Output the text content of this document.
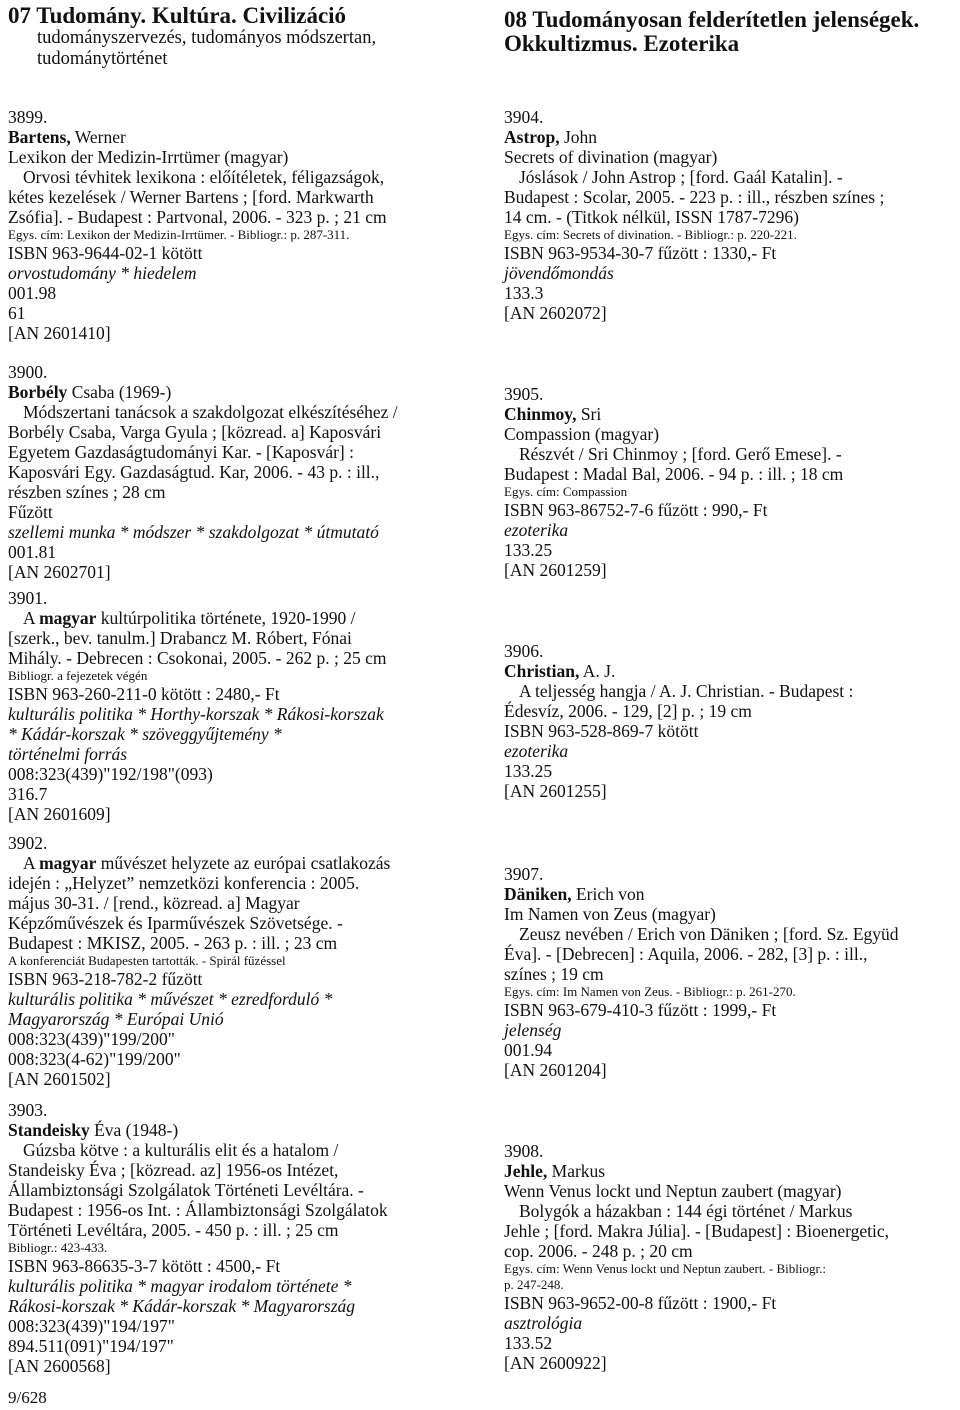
07 Tudomány. Kultúra. Civilizáció
tudományszervezés, tudományos módszertan,
tudománytörténet
08 Tudományosan felderítetlen jelenségek.
Okkultizmus. Ezoterika
3899.
Bartens, Werner
Lexikon der Medizin-Irrtümer (magyar)
Orvosi tévhitek lexikona : előítéletek, féligazságok,
kétes kezelések / Werner Bartens ; [ford. Markwarth
Zsófia]. - Budapest : Partvonal, 2006. - 323 p. ; 21 cm
Egys. cím: Lexikon der Medizin-Irrtümer. - Bibliogr.: p. 287-311.
ISBN 963-9644-02-1 kötött
orvostudomány * hiedelem
001.98
61
[AN 2601410]
3900.
Borbély Csaba (1969-)
Módszertani tanácsok a szakdolgozat elkészítéséhez /
Borbély Csaba, Varga Gyula ; [közread. a] Kaposvári
Egyetem Gazdaságtudományi Kar. - [Kaposvár] :
Kaposvári Egy. Gazdaságtud. Kar, 2006. - 43 p. : ill.,
részben színes ; 28 cm
Fűzött
szellemi munka * módszer * szakdolgozat * útmutató
001.81
[AN 2602701]
3901.
A magyar kultúrpolitika története, 1920-1990 /
[szerk., bev. tanulm.] Drabancz M. Róbert, Fónai
Mihály. - Debrecen : Csokonai, 2005. - 262 p. ; 25 cm
Bibliogr. a fejezetek végén
ISBN 963-260-211-0 kötött : 2480,- Ft
kulturális politika * Horthy-korszak * Rákosi-korszak
* Kádár-korszak * szöveggyűjtemény *
történelmi forrás
008:323(439)"192/198"(093)
316.7
[AN 2601609]
3902.
A magyar művészet helyzete az európai csatlakozás
idején : „Helyzet” nemzetközi konferencia : 2005.
május 30-31. / [rend., közread. a] Magyar
Képzőművészek és Iparművészek Szövetsége. -
Budapest : MKISZ, 2005. - 263 p. : ill. ; 23 cm
A konferenciát Budapesten tartották. - Spirál fűzéssel
ISBN 963-218-782-2 fűzött
kulturális politika * művészet * ezredforduló *
Magyarország * Európai Unió
008:323(439)"199/200"
008:323(4-62)"199/200"
[AN 2601502]
3903.
Standeisky Éva (1948-)
Gúzsba kötve : a kulturális elit és a hatalom /
Standeisky Éva ; [közread. az] 1956-os Intézet,
Állambiztonsági Szolgálatok Történeti Levéltára. -
Budapest : 1956-os Int. : Állambiztonsági Szolgálatok
Történeti Levéltára, 2005. - 450 p. : ill. ; 25 cm
Bibliogr.: 423-433.
ISBN 963-86635-3-7 kötött : 4500,- Ft
kulturális politika * magyar irodalom története *
Rákosi-korszak * Kádár-korszak * Magyarország
008:323(439)"194/197"
894.511(091)"194/197"
[AN 2600568]
3904.
Astrop, John
Secrets of divination (magyar)
Jóslások / John Astrop ; [ford. Gaál Katalin]. -
Budapest : Scolar, 2005. - 223 p. : ill., részben színes ;
14 cm. - (Titkok nélkül, ISSN 1787-7296)
Egys. cím: Secrets of divination. - Bibliogr.: p. 220-221.
ISBN 963-9534-30-7 fűzött : 1330,- Ft
jövendőmondás
133.3
[AN 2602072]
3905.
Chinmoy, Sri
Compassion (magyar)
Részvét / Sri Chinmoy ; [ford. Gerő Emese]. -
Budapest : Madal Bal, 2006. - 94 p. : ill. ; 18 cm
Egys. cím: Compassion
ISBN 963-86752-7-6 fűzött : 990,- Ft
ezoterika
133.25
[AN 2601259]
3906.
Christian, A. J.
A teljesség hangja / A. J. Christian. - Budapest :
Édesvíz, 2006. - 129, [2] p. ; 19 cm
ISBN 963-528-869-7 kötött
ezoterika
133.25
[AN 2601255]
3907.
Däniken, Erich von
Im Namen von Zeus (magyar)
Zeusz nevében / Erich von Däniken ; [ford. Sz. Együd
Éva]. - [Debrecen] : Aquila, 2006. - 282, [3] p. : ill.,
színes ; 19 cm
Egys. cím: Im Namen von Zeus. - Bibliogr.: p. 261-270.
ISBN 963-679-410-3 fűzött : 1999,- Ft
jelenség
001.94
[AN 2601204]
3908.
Jehle, Markus
Wenn Venus lockt und Neptun zaubert (magyar)
Bolygók a házakban : 144 égi történet / Markus
Jehle ; [ford. Makra Júlia]. - [Budapest] : Bioenergetic,
cop. 2006. - 248 p. ; 20 cm
Egys. cím: Wenn Venus lockt und Neptun zaubert. - Bibliogr.:
p. 247-248.
ISBN 963-9652-00-8 fűzött : 1900,- Ft
asztrológia
133.52
[AN 2600922]
9/628
